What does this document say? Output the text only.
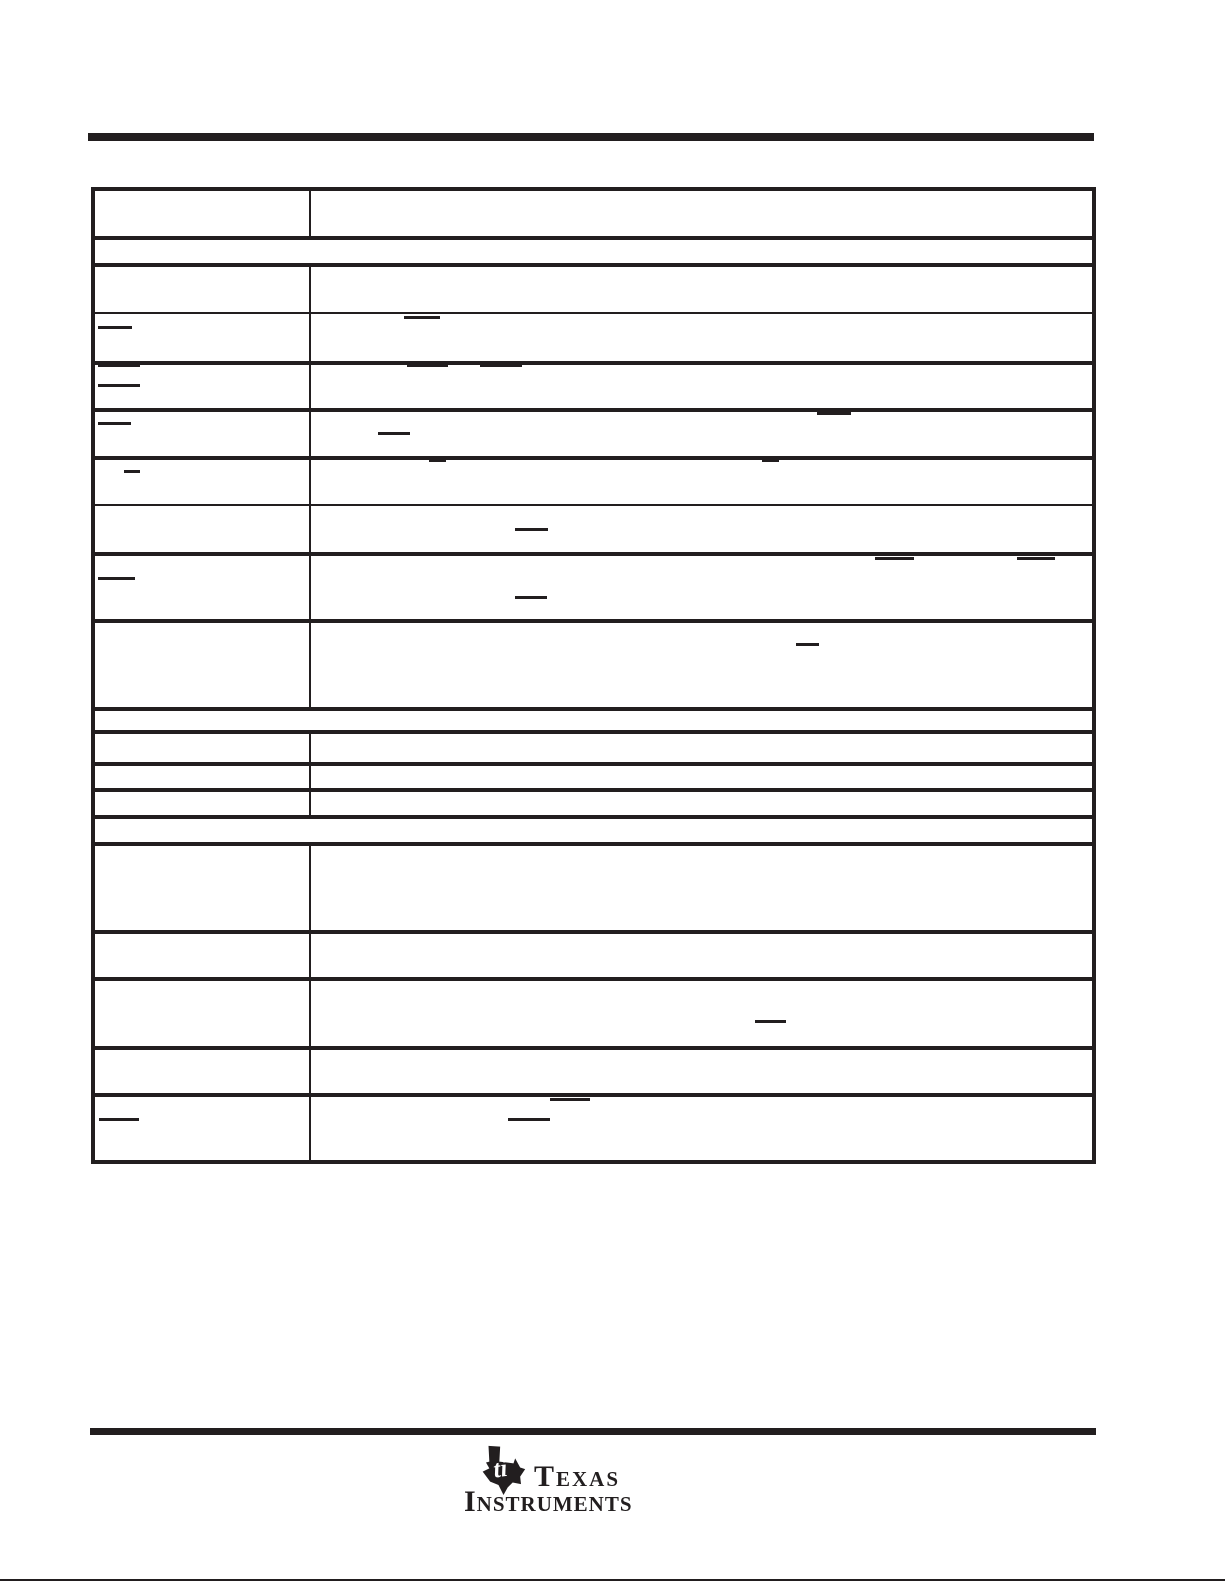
ti Texas
Instruments
